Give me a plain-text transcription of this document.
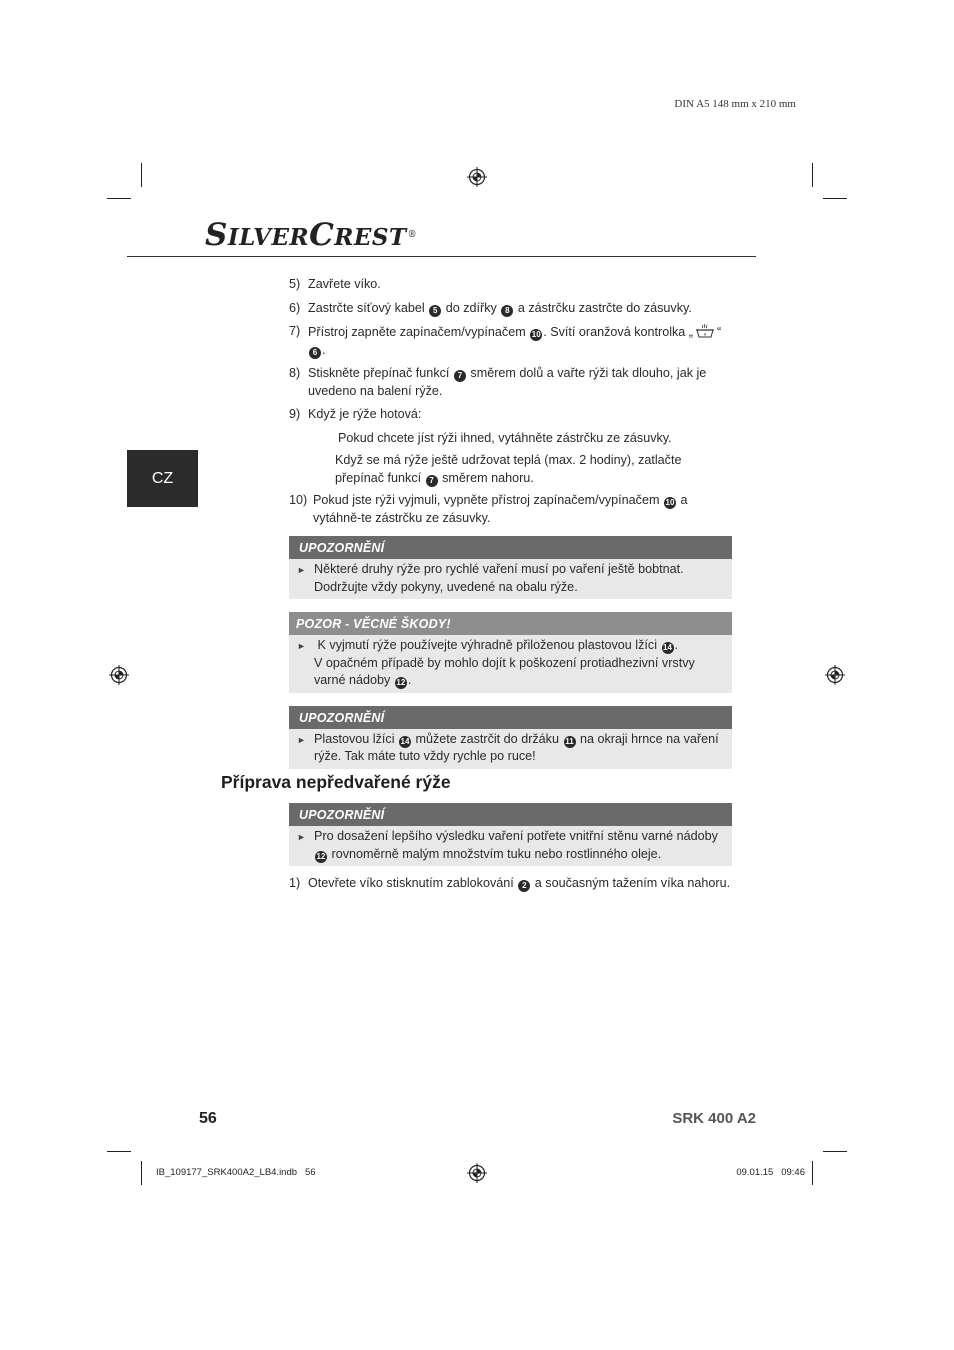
DIN A5 148 mm x 210 mm
SILVERCREST®
CZ
5) Zavřete víko.
6) Zastrčte síťový kabel 5 do zdířky 8 a zástrčku zastrčte do zásuvky.
7) Přístroj zapněte zapínačem/vypínačem 10 . Svítí oranžová kontrolka „ o “ 6 .
8) Stiskněte přepínač funkcí 7 směrem dolů a vařte rýži tak dlouho, jak je uvedeno na balení rýže.
9) Když je rýže hotová:
Pokud chcete jíst rýži ihned, vytáhněte zástrčku ze zásuvky.
Když se má rýže ještě udržovat teplá (max. 2 hodiny), zatlačte přepínač funkcí 7 směrem nahoru.
10) Pokud jste rýži vyjmuli, vypněte přístroj zapínačem/vypínačem 10 a vytáhně-te zástrčku ze zásuvky.
UPOZORNĚNÍ
► Některé druhy rýže pro rychlé vaření musí po vaření ještě bobtnat. Dodržujte vždy pokyny, uvedené na obalu rýže.
POZOR - VĚCNÉ ŠKODY!
► K vyjmutí rýže používejte výhradně přiloženou plastovou lžíci 14 .
V opačném případě by mohlo dojít k poškození protiadhezivní vrstvy varné nádoby 12 .
UPOZORNĚNÍ
► Plastovou lžíci 14 můžete zastrčit do držáku 11 na okraji hrnce na vaření rýže. Tak máte tuto vždy rychle po ruce!
Příprava nepředvařené rýže
UPOZORNĚNÍ
► Pro dosažení lepšího výsledku vaření potřete vnitřní stěnu varné nádoby 12 rovnoměrně malým množstvím tuku nebo rostlinného oleje.
1) Otevřete víko stisknutím zablokování 2 a současným tažením víka nahoru.
56	SRK 400 A2
IB_109177_SRK400A2_LB4.indb   56	09.01.15   09:46
